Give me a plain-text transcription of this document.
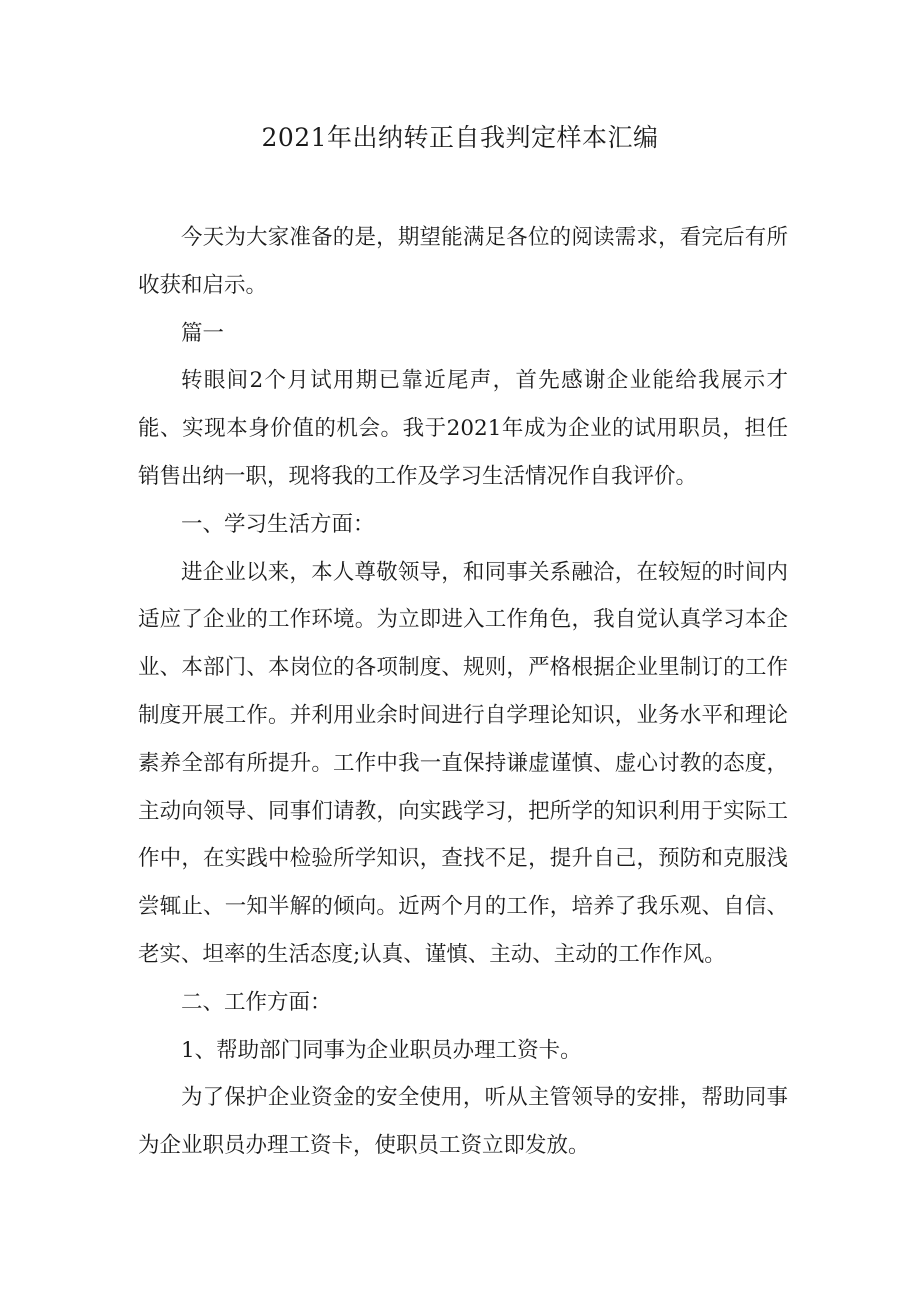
2021年出纳转正自我判定样本汇编

今天为大家准备的是，期望能满足各位的阅读需求，看完后有所收获和启示。

篇一

转眼间2个月试用期已靠近尾声，首先感谢企业能给我展示才能、实现本身价值的机会。我于2021年成为企业的试用职员，担任销售出纳一职，现将我的工作及学习生活情况作自我评价。

一、学习生活方面：

进企业以来，本人尊敬领导，和同事关系融洽，在较短的时间内适应了企业的工作环境。为立即进入工作角色，我自觉认真学习本企业、本部门、本岗位的各项制度、规则，严格根据企业里制订的工作制度开展工作。并利用业余时间进行自学理论知识，业务水平和理论素养全部有所提升。工作中我一直保持谦虚谨慎、虚心讨教的态度，主动向领导、同事们请教，向实践学习，把所学的知识利用于实际工作中，在实践中检验所学知识，查找不足，提升自己，预防和克服浅尝辄止、一知半解的倾向。近两个月的工作，培养了我乐观、自信、老实、坦率的生活态度;认真、谨慎、主动、主动的工作作风。

二、工作方面：

1、帮助部门同事为企业职员办理工资卡。

为了保护企业资金的安全使用，听从主管领导的安排，帮助同事为企业职员办理工资卡，使职员工资立即发放。
